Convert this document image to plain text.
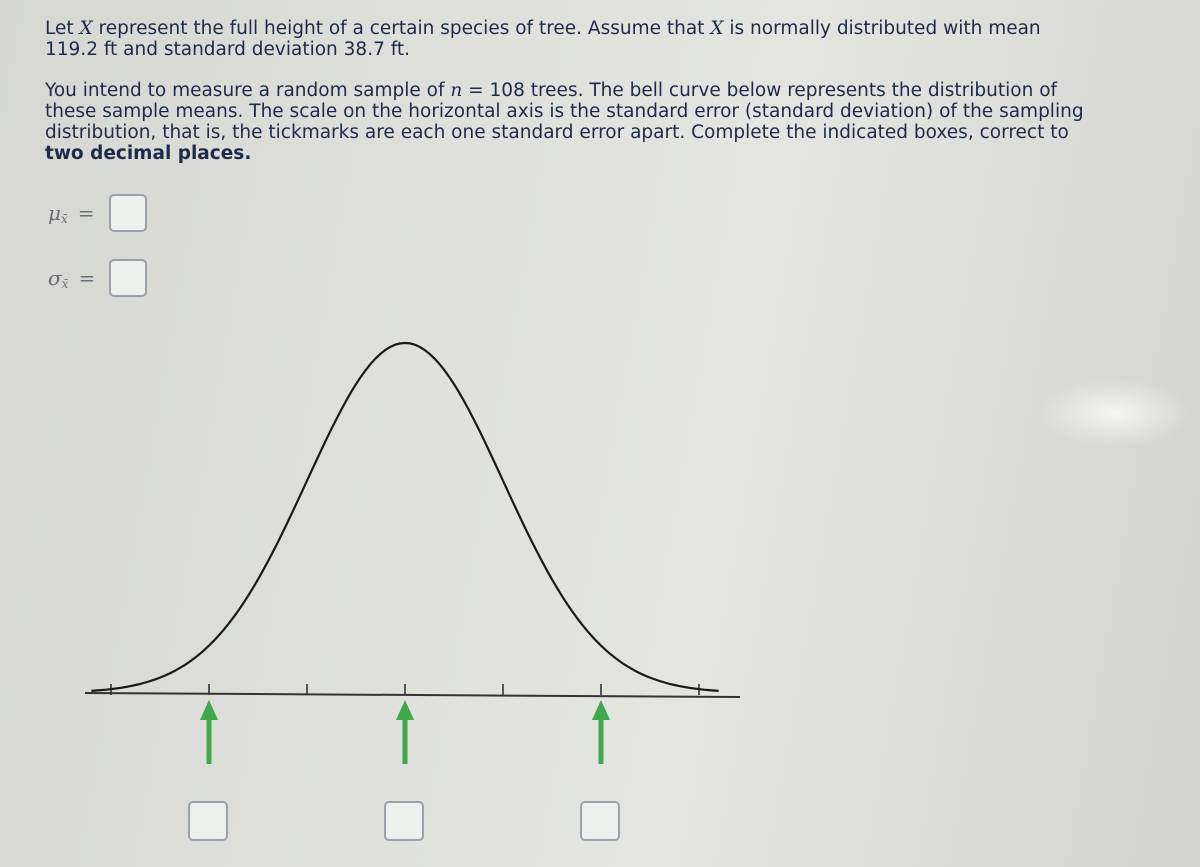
Let X represent the full height of a certain species of tree. Assume that X is normally distributed with mean 119.2 ft and standard deviation 38.7 ft.

You intend to measure a random sample of n = 108 trees. The bell curve below represents the distribution of these sample means. The scale on the horizontal axis is the standard error (standard deviation) of the sampling distribution, that is, the tickmarks are each one standard error apart. Complete the indicated boxes, correct to two decimal places.

μ x̄ =
σ x̄ =
